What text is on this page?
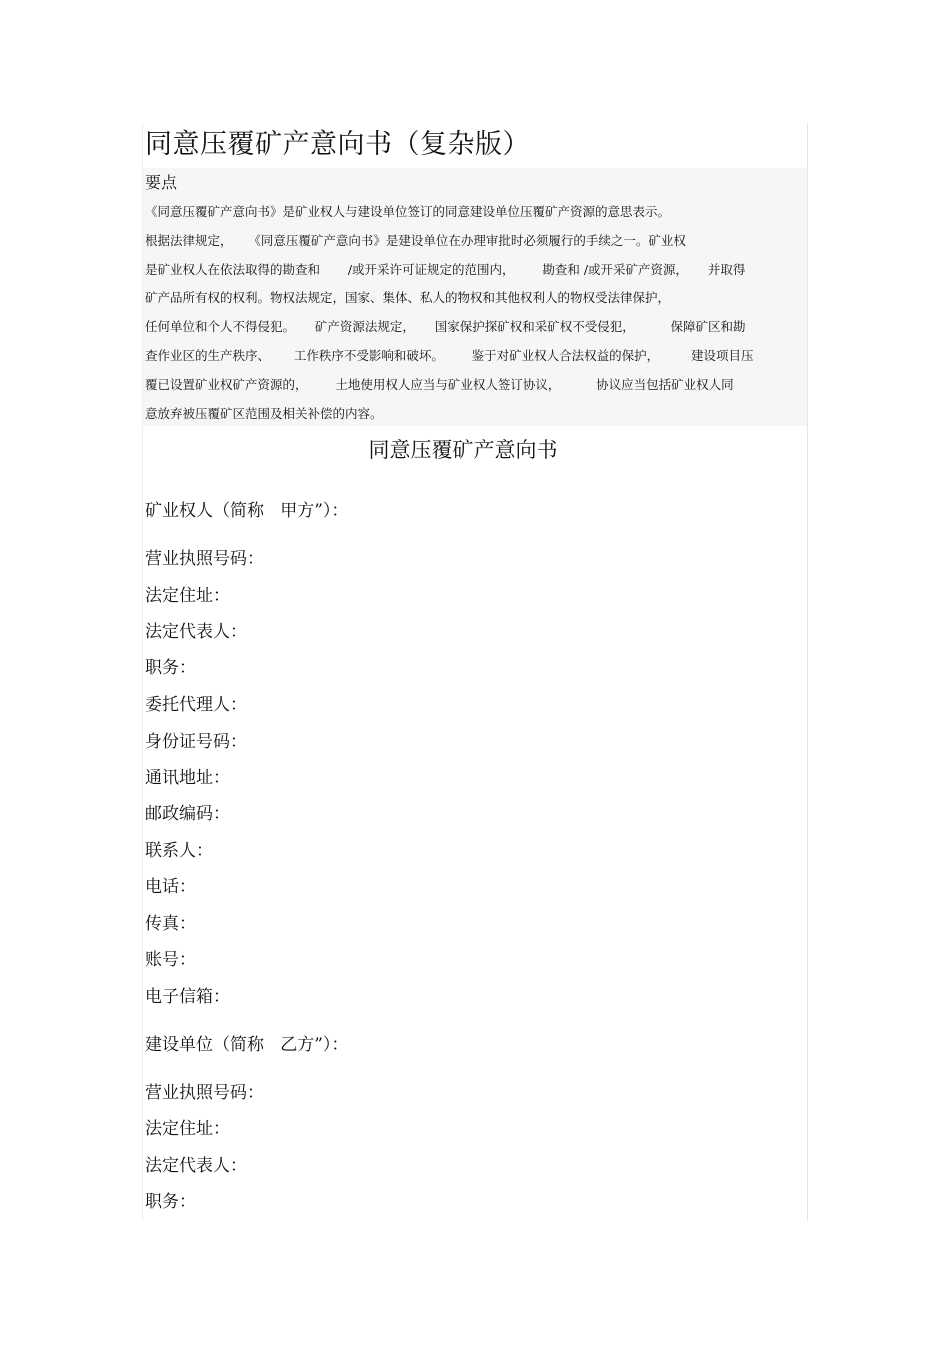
同意压覆矿产意向书（复杂版）
要点
《同意压覆矿产意向书》是矿业权人与建设单位签订的同意建设单位压覆矿产资源的意思表示。
根据法律规定，    《同意压覆矿产意向书》是建设单位在办理审批时必须履行的手续之一。矿业权
是矿业权人在依法取得的勘查和       /或开采许可证规定的范围内，       勘查和 /或开采矿产资源，     并取得
矿产品所有权的权利。物权法规定，国家、集体、私人的物权和其他权利人的物权受法律保护，
任何单位和个人不得侵犯。     矿产资源法规定，     国家保护探矿权和采矿权不受侵犯，         保障矿区和勘
查作业区的生产秩序、      工作秩序不受影响和破坏。       鉴于对矿业权人合法权益的保护，        建设项目压
覆已设置矿业权矿产资源的，       土地使用权人应当与矿业权人签订协议，         协议应当包括矿业权人同
意放弃被压覆矿区范围及相关补偿的内容。
同意压覆矿产意向书
矿业权人（简称   甲方”）：
营业执照号码：
法定住址：
法定代表人：
职务：
委托代理人：
身份证号码：
通讯地址：
邮政编码：
联系人：
电话：
传真：
账号：
电子信箱：
建设单位（简称   乙方”）：
营业执照号码：
法定住址：
法定代表人：
职务：
